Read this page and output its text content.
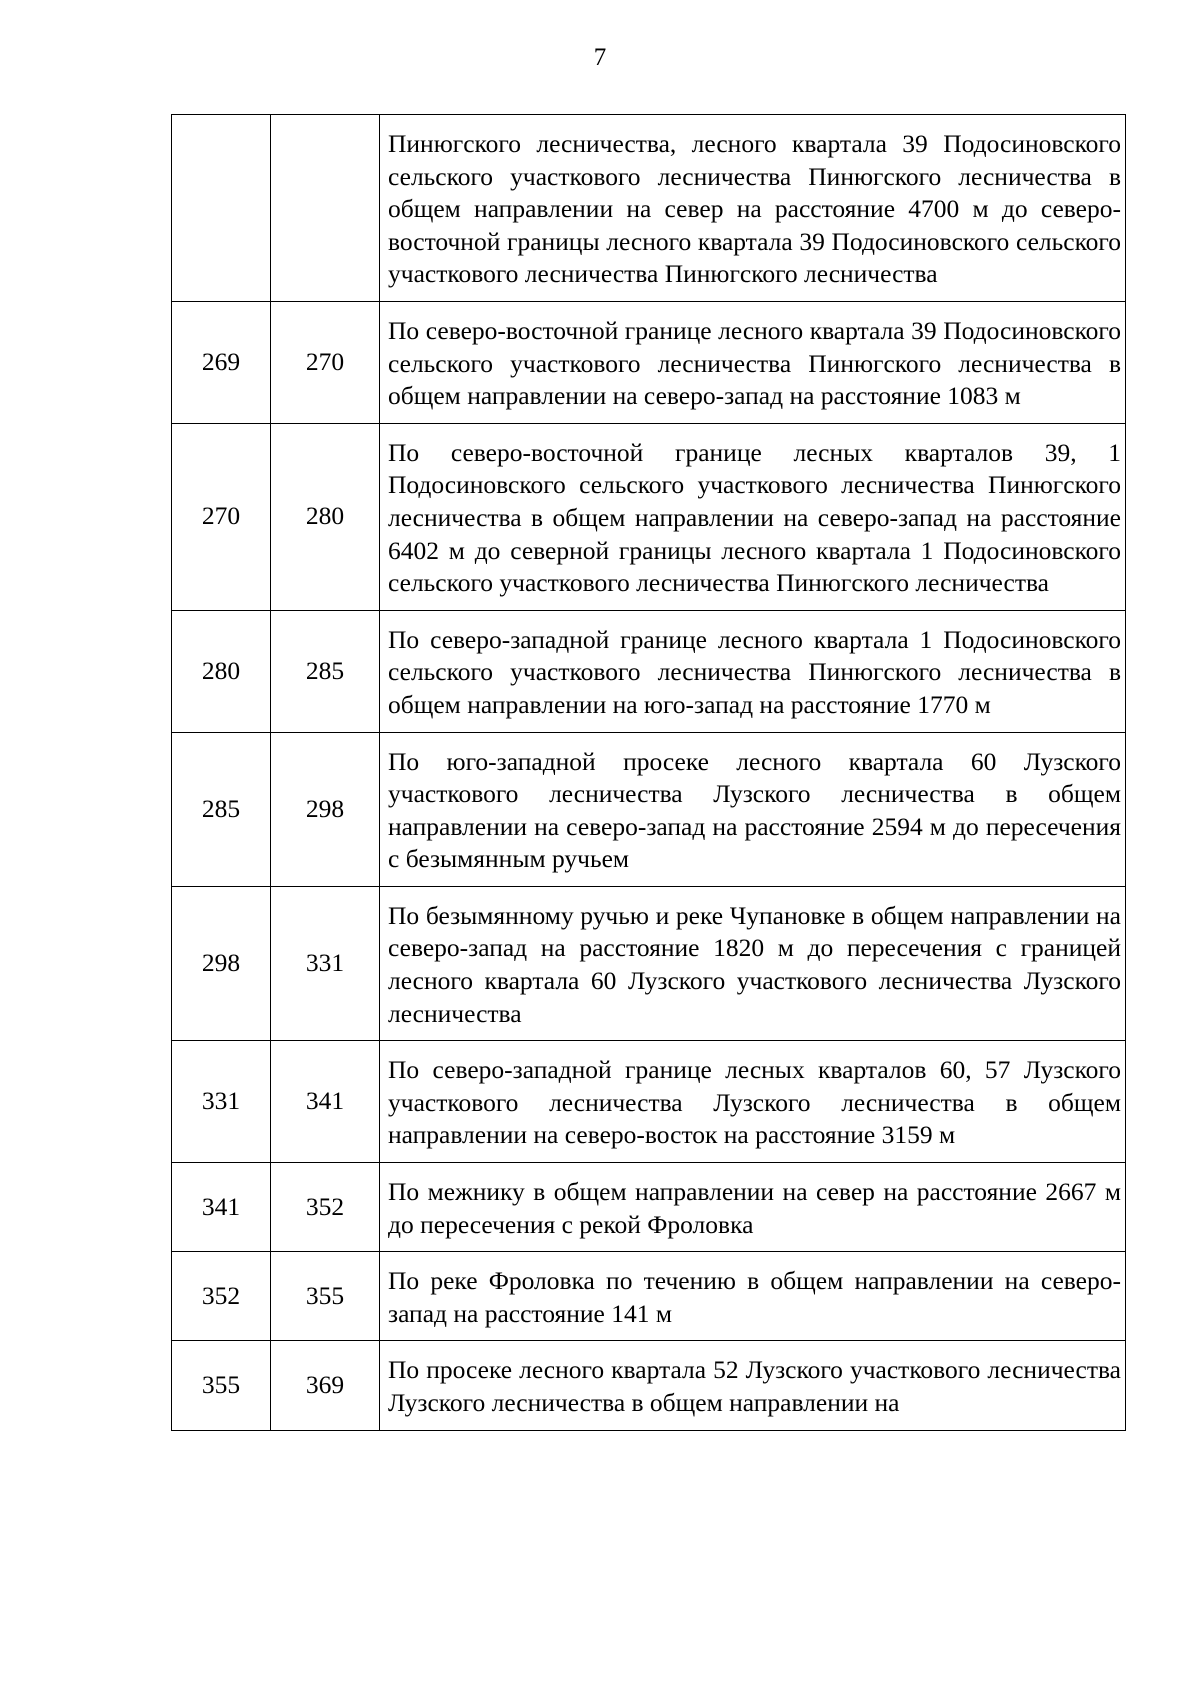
7
		Пинюгского лесничества, лесного квартала 39 Подосиновского сельского участкового лесничества Пинюгского лесничества в общем направлении на север на расстояние 4700 м до северо-восточной границы лесного квартала 39 Подосиновского сельского участкового лесничества Пинюгского лесничества
269	270	По северо-восточной границе лесного квартала 39 Подосиновского сельского участкового лесничества Пинюгского лесничества в общем направлении на северо-запад на расстояние 1083 м
270	280	По северо-восточной границе лесных кварталов 39, 1 Подосиновского сельского участкового лесничества Пинюгского лесничества в общем направлении на северо-запад на расстояние 6402 м до северной границы лесного квартала 1 Подосиновского сельского участкового лесничества Пинюгского лесничества
280	285	По северо-западной границе лесного квартала 1 Подосиновского сельского участкового лесничества Пинюгского лесничества в общем направлении на юго-запад на расстояние 1770 м
285	298	По юго-западной просеке лесного квартала 60 Лузского участкового лесничества Лузского лесничества в общем направлении на северо-запад на расстояние 2594 м до пересечения с безымянным ручьем
298	331	По безымянному ручью и реке Чупановке в общем направлении на северо-запад на расстояние 1820 м до пересечения с границей лесного квартала 60 Лузского участкового лесничества Лузского лесничества
331	341	По северо-западной границе лесных кварталов 60, 57 Лузского участкового лесничества Лузского лесничества в общем направлении на северо-восток на расстояние 3159 м
341	352	По межнику в общем направлении на север на расстояние 2667 м до пересечения с рекой Фроловка
352	355	По реке Фроловка по течению в общем направлении на северо-запад на расстояние 141 м
355	369	По просеке лесного квартала 52 Лузского участкового лесничества Лузского лесничества в общем направлении на
